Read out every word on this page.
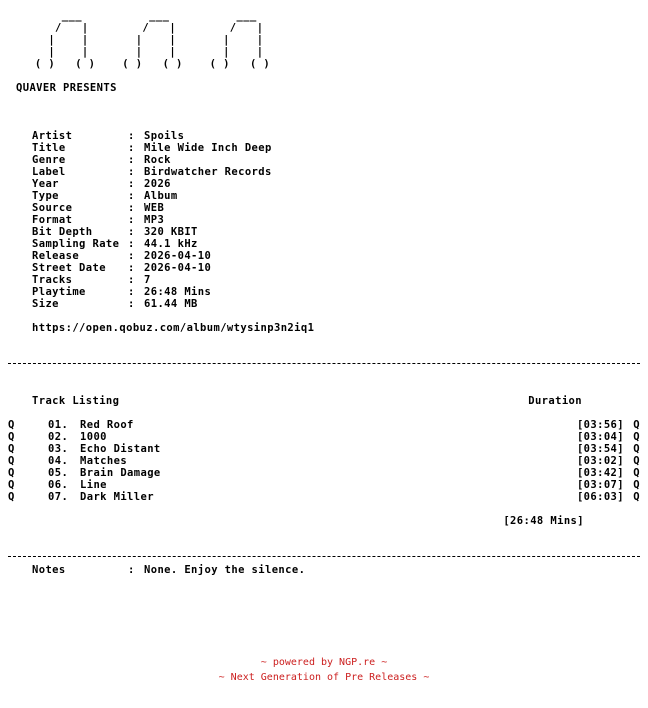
___          ___          ___
/   |        /   |        /   |
|    |       |    |       |    |
|    |       |    |       |    |
( )   ( )    ( )   ( )    ( )   ( )
QUAVER PRESENTS
Artist	: Spoils
Title	: Mile Wide Inch Deep
Genre	: Rock
Label	: Birdwatcher Records
Year	: 2026
Type	: Album
Source	: WEB
Format	: MP3
Bit Depth	: 320 KBIT
Sampling Rate : 44.1 kHz
Release	: 2026-04-10
Street Date	: 2026-04-10
Tracks	: 7
Playtime	: 26:48 Mins
Size	: 61.44 MB
https://open.qobuz.com/album/wtysinp3n2iq1
Track Listing	Duration
Q	01.	Red Roof	[03:56] Q
Q	02.	1000	[03:04] Q
Q	03.	Echo Distant	[03:54] Q
Q	04.	Matches	[03:02] Q
Q	05.	Brain Damage	[03:42] Q
Q	06.	Line	[03:07] Q
Q	07.	Dark Miller	[06:03] Q
[26:48 Mins]
Notes	: None. Enjoy the silence.
~ powered by NGP.re ~
~ Next Generation of Pre Releases ~
